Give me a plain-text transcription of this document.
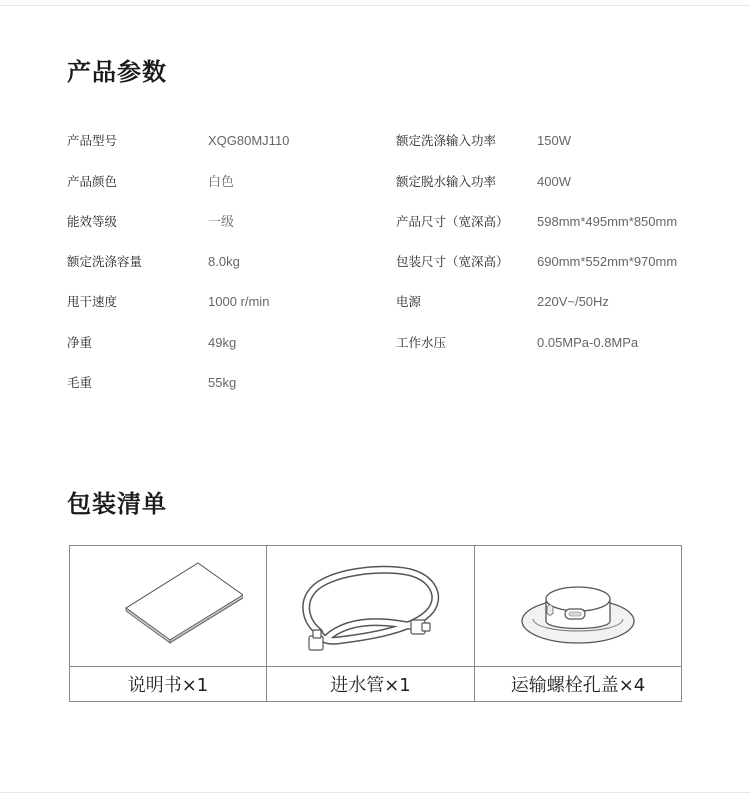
产品参数
产品型号	XQG80MJ110
产品颜色	白色
能效等级	一级
额定洗涤容量	8.0kg
甩干速度	1000 r/min
净重	49kg
毛重	55kg
额定洗涤输入功率	150W
额定脱水输入功率	400W
产品尺寸（宽深高） 598mm*495mm*850mm
包装尺寸（宽深高） 690mm*552mm*970mm
电源	220V~/50Hz
工作水压	0.05MPa-0.8MPa
包装清单
说明书×1	进水管×1	运输螺栓孔盖×4
